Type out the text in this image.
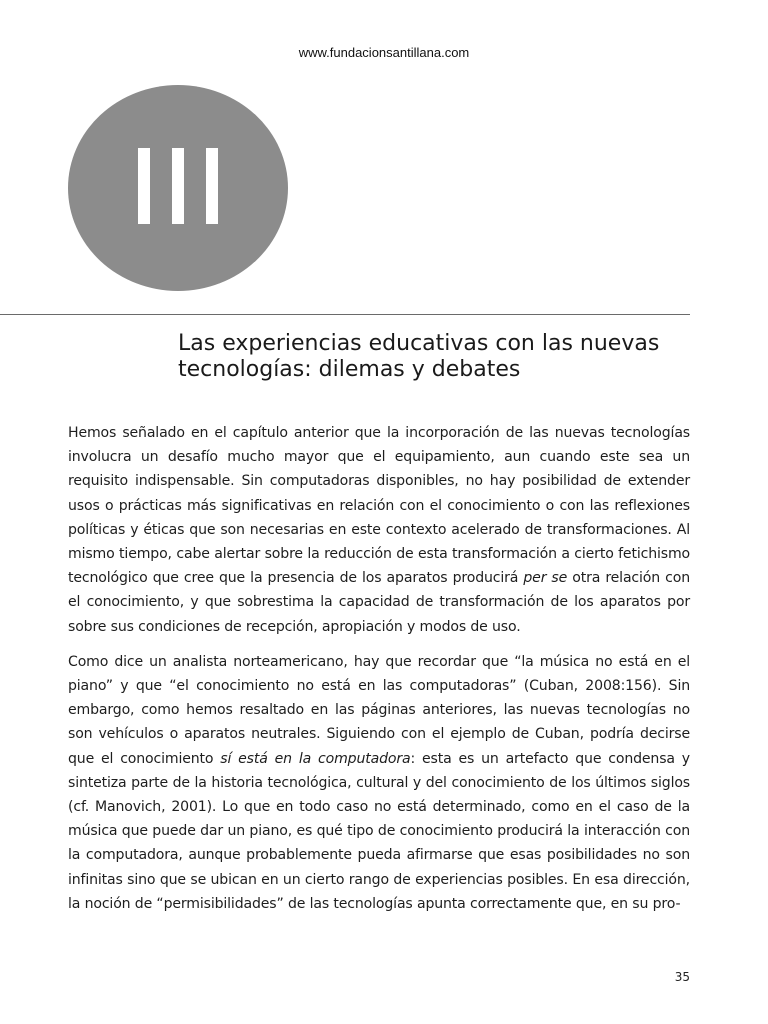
www.fundacionsantillana.com
Las experiencias educativas con las nuevas tecnologías: dilemas y debates

Hemos señalado en el capítulo anterior que la incorporación de las nuevas tecnologías involucra un desafío mucho mayor que el equipamiento, aun cuando este sea un requisito indispensable. Sin computadoras disponibles, no hay posibilidad de extender usos o prácticas más significativas en relación con el conocimiento o con las reflexiones políticas y éticas que son necesarias en este contexto acelerado de transformaciones. Al mismo tiempo, cabe alertar sobre la reducción de esta transformación a cierto fetichismo tecnológico que cree que la presencia de los aparatos producirá per se otra relación con el conocimiento, y que sobrestima la capacidad de transformación de los aparatos por sobre sus condiciones de recepción, apropiación y modos de uso.

Como dice un analista norteamericano, hay que recordar que “la música no está en el piano” y que “el conocimiento no está en las computadoras” (Cuban, 2008:156). Sin embargo, como hemos resaltado en las páginas anteriores, las nuevas tecnologías no son vehículos o aparatos neutrales. Siguiendo con el ejemplo de Cuban, podría decirse que el conocimiento sí está en la computadora: esta es un artefacto que condensa y sintetiza parte de la historia tecnológica, cultural y del conocimiento de los últimos siglos (cf. Manovich, 2001). Lo que en todo caso no está determinado, como en el caso de la música que puede dar un piano, es qué tipo de conocimiento producirá la interacción con la computadora, aunque probablemente pueda afirmarse que esas posibilidades no son infinitas sino que se ubican en un cierto rango de experiencias posibles. En esa dirección, la noción de “permisibilidades” de las tecnologías apunta correctamente que, en su pro-

35
